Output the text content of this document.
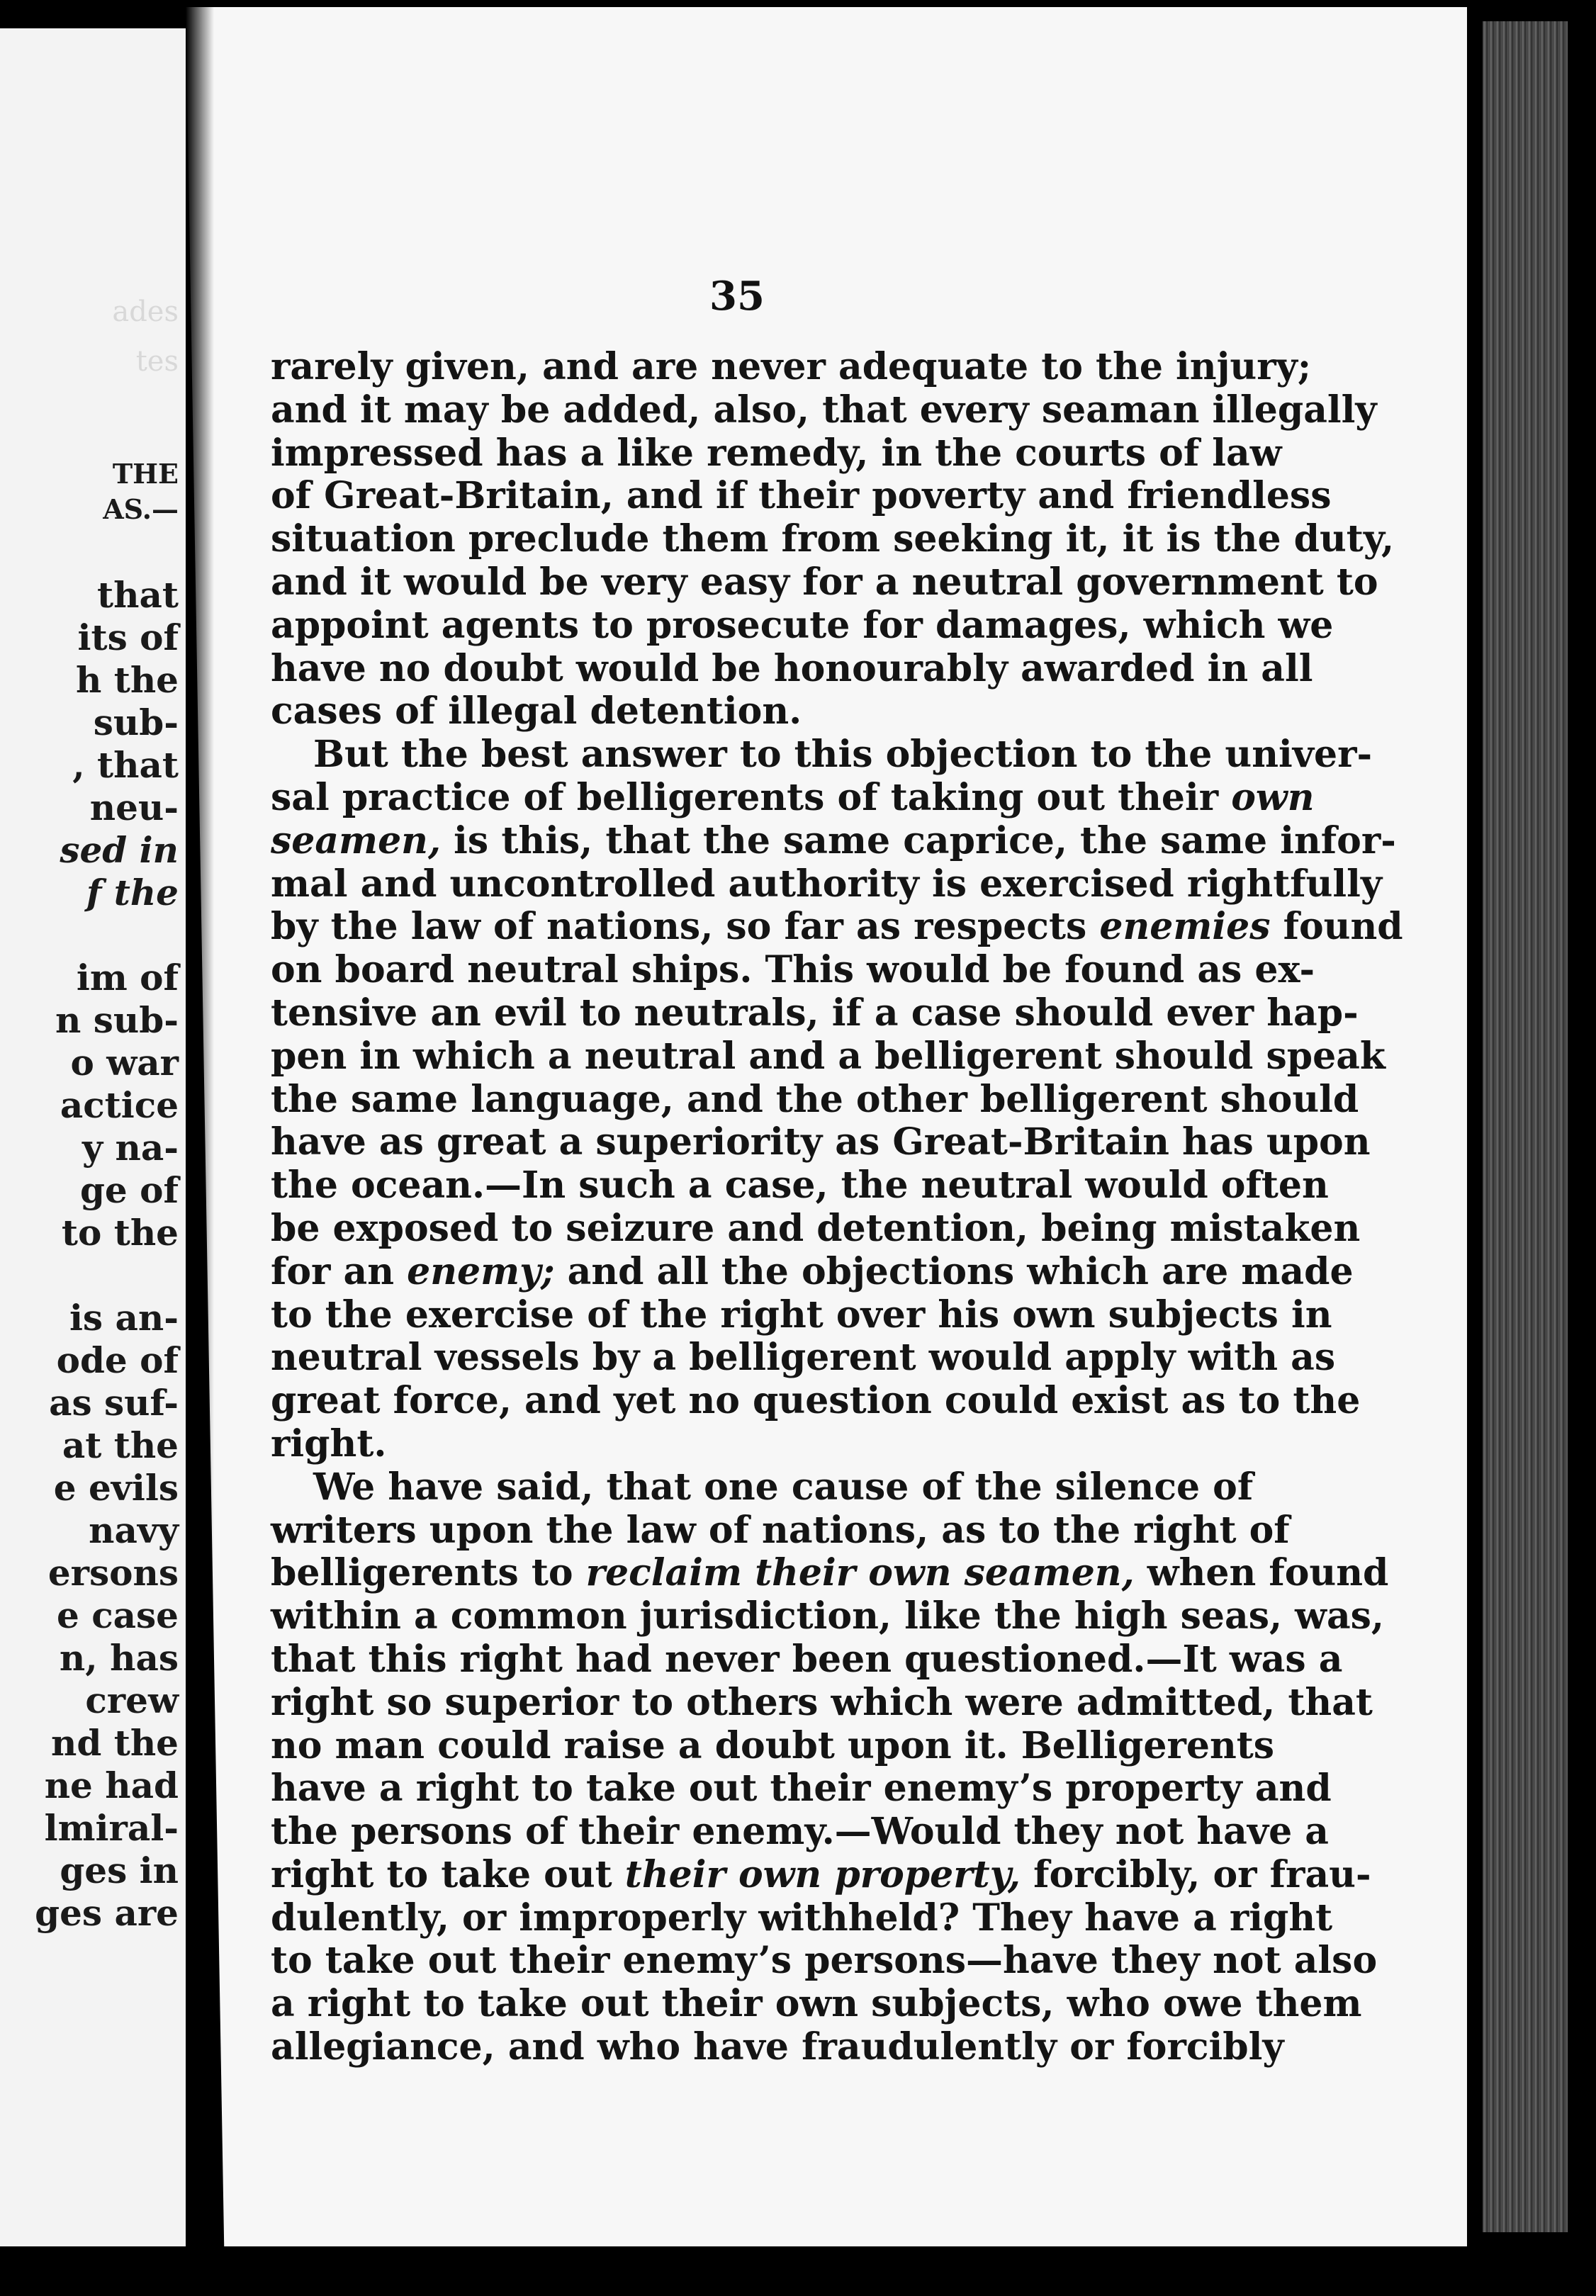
ades
tes
THE
AS.—
that
its of
h the
sub-
, that
neu-
sed in
f the
im of
n sub-
o war
actice
y na-
ge of
to the
is an-
ode of
as suf-
at the
e evils
navy
ersons
e case
n, has
crew
nd the
ne had
lmiral-
ges in
ges are
35
rarely given, and are never adequate to the injury;
and it may be added, also, that every seaman illegally
impressed has a like remedy, in the courts of law
of Great-Britain, and if their poverty and friendless
situation preclude them from seeking it, it is the duty,
and it would be very easy for a neutral government to
appoint agents to prosecute for damages, which we
have no doubt would be honourably awarded in all
cases of illegal detention.
But the best answer to this objection to the univer-
sal practice of belligerents of taking out their own
seamen, is this, that the same caprice, the same infor-
mal and uncontrolled authority is exercised rightfully
by the law of nations, so far as respects enemies found
on board neutral ships. This would be found as ex-
tensive an evil to neutrals, if a case should ever hap-
pen in which a neutral and a belligerent should speak
the same language, and the other belligerent should
have as great a superiority as Great-Britain has upon
the ocean.—In such a case, the neutral would often
be exposed to seizure and detention, being mistaken
for an enemy; and all the objections which are made
to the exercise of the right over his own subjects in
neutral vessels by a belligerent would apply with as
great force, and yet no question could exist as to the
right.
We have said, that one cause of the silence of
writers upon the law of nations, as to the right of
belligerents to reclaim their own seamen, when found
within a common jurisdiction, like the high seas, was,
that this right had never been questioned.—It was a
right so superior to others which were admitted, that
no man could raise a doubt upon it. Belligerents
have a right to take out their enemy’s property and
the persons of their enemy.—Would they not have a
right to take out their own property, forcibly, or frau-
dulently, or improperly withheld? They have a right
to take out their enemy’s persons—have they not also
a right to take out their own subjects, who owe them
allegiance, and who have fraudulently or forcibly
